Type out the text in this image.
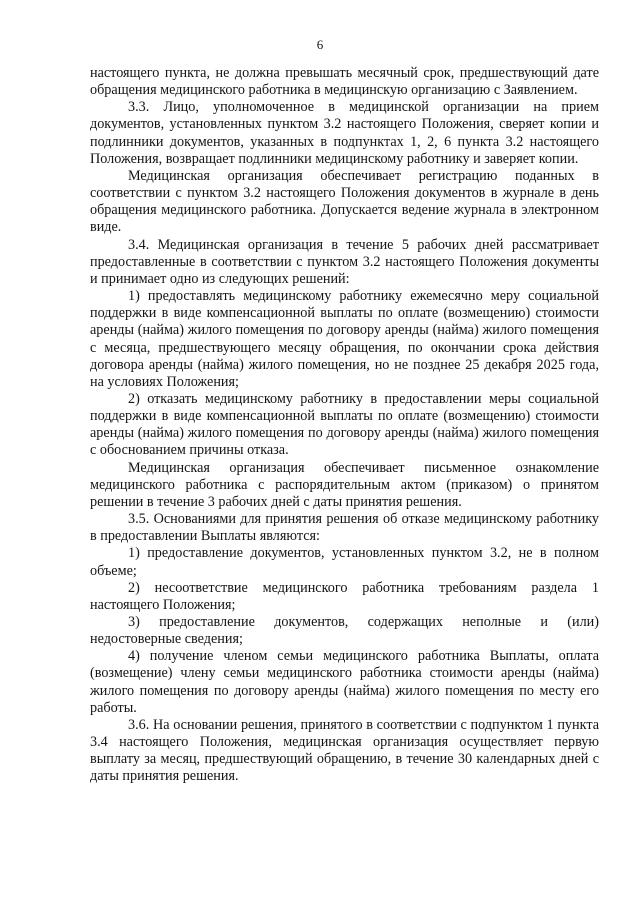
6

настоящего пункта, не должна превышать месячный срок, предшествующий дате обращения медицинского работника в медицинскую организацию с Заявлением.

3.3. Лицо, уполномоченное в медицинской организации на прием документов, установленных пунктом 3.2 настоящего Положения, сверяет копии и подлинники документов, указанных в подпунктах 1, 2, 6 пункта 3.2 настоящего Положения, возвращает подлинники медицинскому работнику и заверяет копии.

Медицинская организация обеспечивает регистрацию поданных в соответствии с пунктом 3.2 настоящего Положения документов в журнале в день обращения медицинского работника. Допускается ведение журнала в электронном виде.

3.4. Медицинская организация в течение 5 рабочих дней рассматривает предоставленные в соответствии с пунктом 3.2 настоящего Положения документы и принимает одно из следующих решений:

1) предоставлять медицинскому работнику ежемесячно меру социальной поддержки в виде компенсационной выплаты по оплате (возмещению) стоимости аренды (найма) жилого помещения по договору аренды (найма) жилого помещения с месяца, предшествующего месяцу обращения, по окончании срока действия договора аренды (найма) жилого помещения, но не позднее 25 декабря 2025 года, на условиях Положения;

2) отказать медицинскому работнику в предоставлении меры социальной поддержки в виде компенсационной выплаты по оплате (возмещению) стоимости аренды (найма) жилого помещения по договору аренды (найма) жилого помещения с обоснованием причины отказа.

Медицинская организация обеспечивает письменное ознакомление медицинского работника с распорядительным актом (приказом) о принятом решении в течение 3 рабочих дней с даты принятия решения.

3.5. Основаниями для принятия решения об отказе медицинскому работнику в предоставлении Выплаты являются:

1) предоставление документов, установленных пунктом 3.2, не в полном объеме;

2) несоответствие медицинского работника требованиям раздела 1 настоящего Положения;

3) предоставление документов, содержащих неполные и (или) недостоверные сведения;

4) получение членом семьи медицинского работника Выплаты, оплата (возмещение) члену семьи медицинского работника стоимости аренды (найма) жилого помещения по договору аренды (найма) жилого помещения по месту его работы.

3.6. На основании решения, принятого в соответствии с подпунктом 1 пункта 3.4 настоящего Положения, медицинская организация осуществляет первую выплату за месяц, предшествующий обращению, в течение 30 календарных дней с даты принятия решения.
